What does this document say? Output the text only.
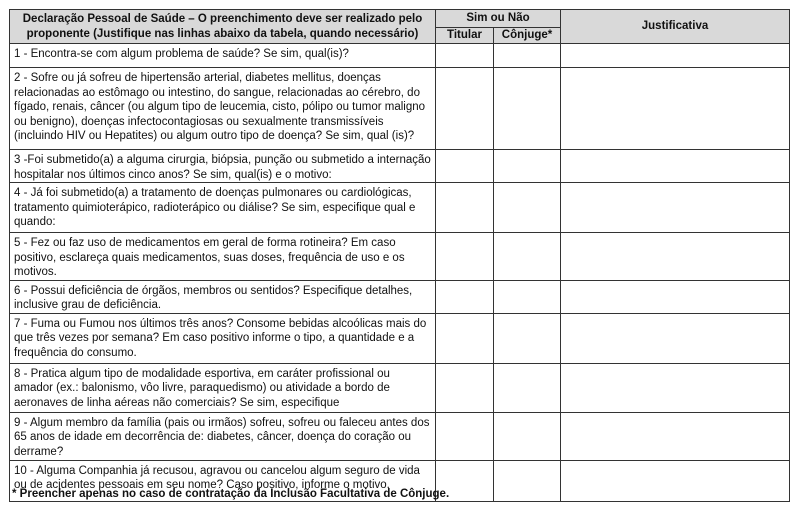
Declaração Pessoal de Saúde – O preenchimento deve ser realizado pelo proponente (Justifique nas linhas abaixo da tabela, quando necessário)	Sim ou Não		Justificativa
	Titular	Cônjuge*	
1 - Encontra-se com algum problema de saúde? Se sim, qual(is)?			
2 - Sofre ou já sofreu de hipertensão arterial, diabetes mellitus, doenças relacionadas ao estômago ou intestino, do sangue, relacionadas ao cérebro, do fígado, renais, câncer (ou algum tipo de leucemia, cisto, pólipo ou tumor maligno ou benigno), doenças infectocontagiosas ou sexualmente transmissíveis (incluindo HIV ou Hepatites) ou algum outro tipo de doença? Se sim, qual (is)?			
3 -Foi submetido(a) a alguma cirurgia, biópsia, punção ou submetido a internação hospitalar nos últimos cinco anos? Se sim, qual(is) e o motivo:			
4 - Já foi submetido(a) a tratamento de doenças pulmonares ou cardiológicas, tratamento quimioterápico, radioterápico ou diálise? Se sim, especifique qual e quando:			
5 - Fez ou faz uso de medicamentos em geral de forma rotineira? Em caso positivo, esclareça quais medicamentos, suas doses, frequência de uso e os motivos.			
6 - Possui deficiência de órgãos, membros ou sentidos? Especifique detalhes, inclusive grau de deficiência.			
7 - Fuma ou Fumou nos últimos três anos? Consome bebidas alcoólicas mais do que três vezes por semana? Em caso positivo informe o tipo, a quantidade e a frequência do consumo.			
8 - Pratica algum tipo de modalidade esportiva, em caráter profissional ou amador (ex.: balonismo, vôo livre, paraquedismo) ou atividade a bordo de aeronaves de linha aéreas não comerciais? Se sim, especifique			
9 - Algum membro da família (pais ou irmãos) sofreu, sofreu ou faleceu antes dos 65 anos de idade em decorrência de: diabetes, câncer, doença do coração ou derrame?			
10 - Alguma Companhia já recusou, agravou ou cancelou algum seguro de vida ou de acidentes pessoais em seu nome? Caso positivo, informe o motivo.			
* Preencher apenas no caso de contratação da Inclusão Facultativa de Cônjuge.
